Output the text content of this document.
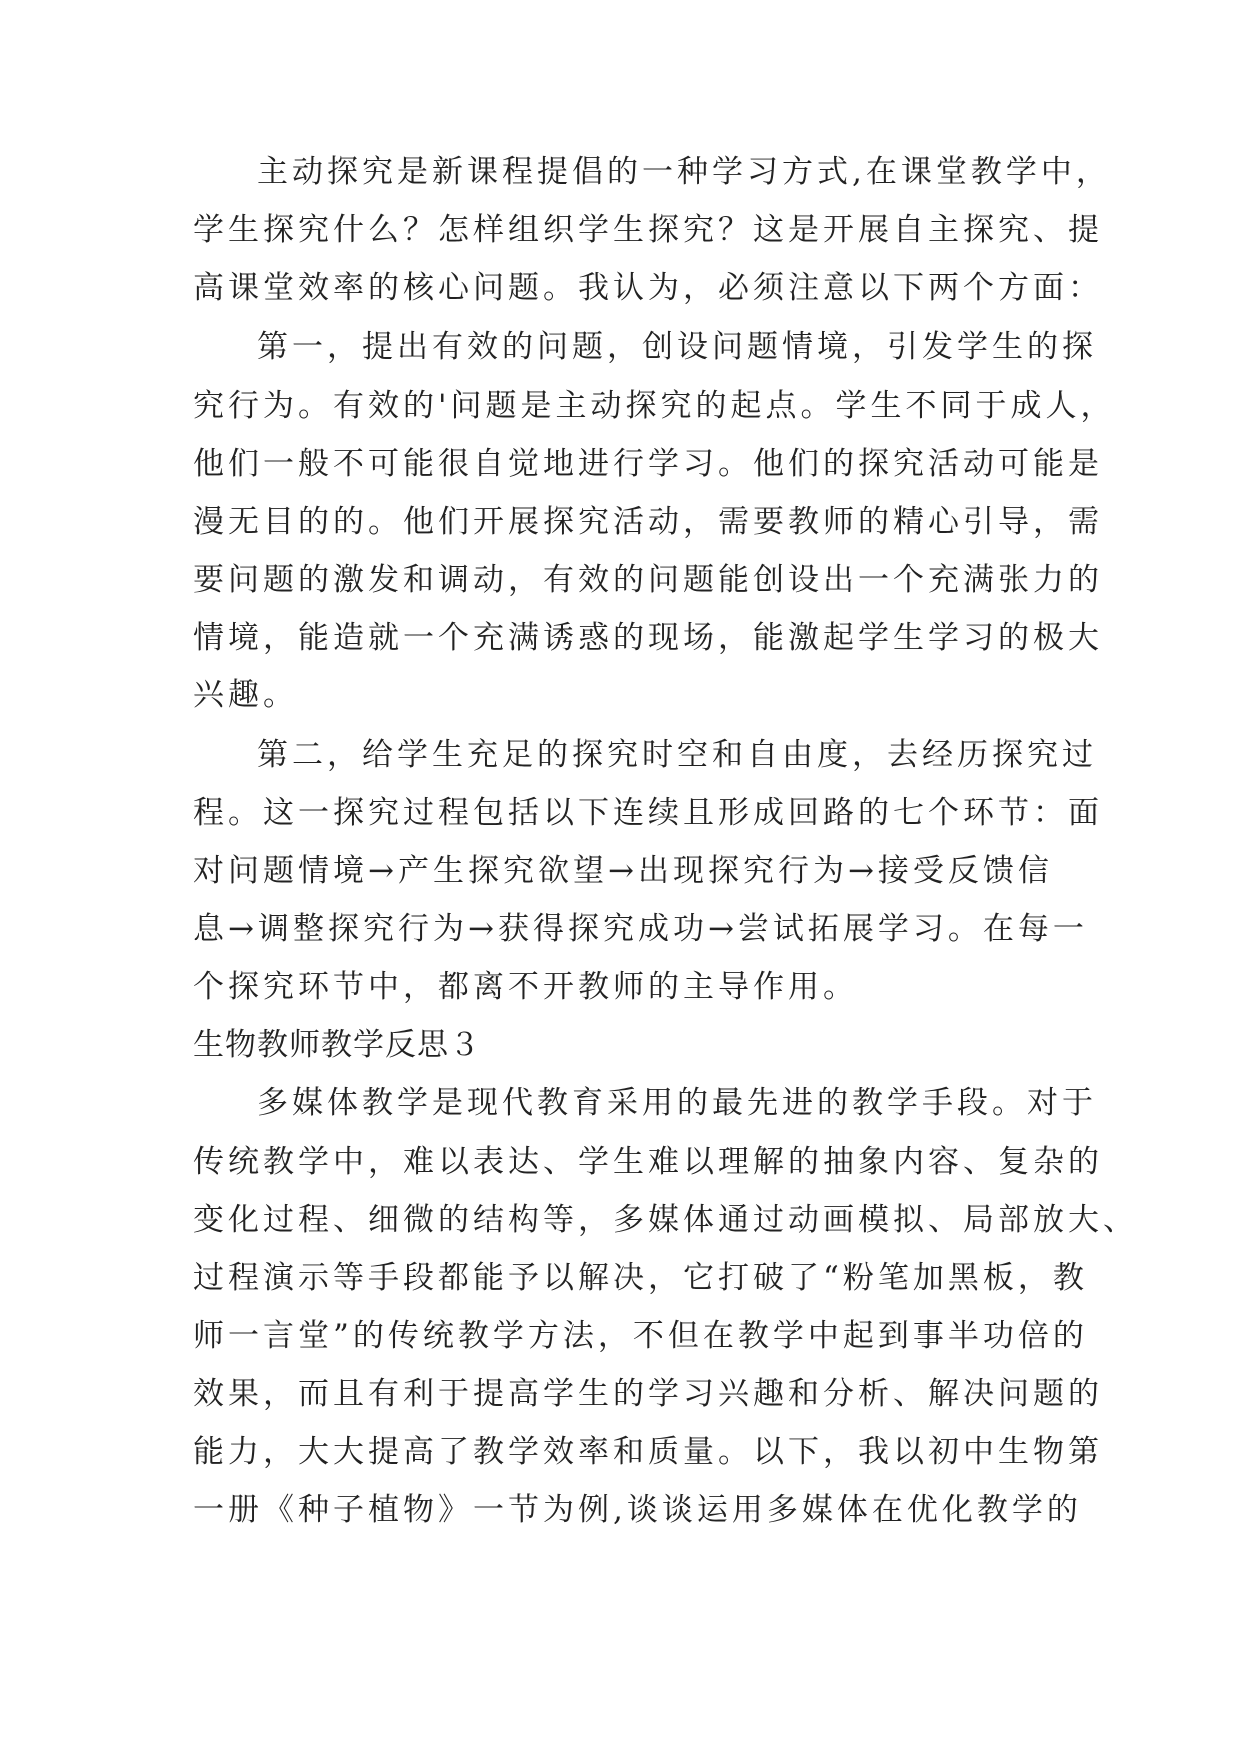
主动探究是新课程提倡的一种学习方式,在课堂教学中，
学生探究什么？怎样组织学生探究？这是开展自主探究、提
高课堂效率的核心问题。我认为，必须注意以下两个方面：
第一，提出有效的问题，创设问题情境，引发学生的探
究行为。有效的'问题是主动探究的起点。学生不同于成人，
他们一般不可能很自觉地进行学习。他们的探究活动可能是
漫无目的的。他们开展探究活动，需要教师的精心引导，需
要问题的激发和调动，有效的问题能创设出一个充满张力的
情境，能造就一个充满诱惑的现场，能激起学生学习的极大
兴趣。
第二，给学生充足的探究时空和自由度，去经历探究过
程。这一探究过程包括以下连续且形成回路的七个环节：面
对问题情境→产生探究欲望→出现探究行为→接受反馈信
息→调整探究行为→获得探究成功→尝试拓展学习。在每一
个探究环节中，都离不开教师的主导作用。
生物教师教学反思３
多媒体教学是现代教育采用的最先进的教学手段。对于
传统教学中，难以表达、学生难以理解的抽象内容、复杂的
变化过程、细微的结构等，多媒体通过动画模拟、局部放大、
过程演示等手段都能予以解决，它打破了“粉笔加黑板，教
师一言堂”的传统教学方法，不但在教学中起到事半功倍的
效果，而且有利于提高学生的学习兴趣和分析、解决问题的
能力，大大提高了教学效率和质量。以下，我以初中生物第
一册《种子植物》一节为例,谈谈运用多媒体在优化教学的
